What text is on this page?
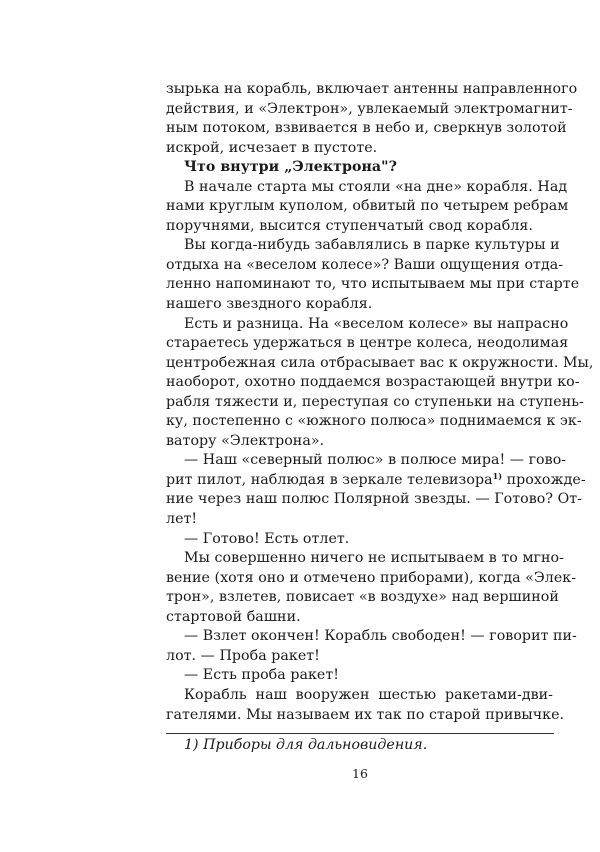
зырька на корабль, включает антенны направленного
действия, и «Электрон», увлекаемый электромагнит-
ным потоком, взвивается в небо и, сверкнув золотой
искрой, исчезает в пустоте.
Что внутри „Электрона"?
В начале старта мы стояли «на дне» корабля. Над
нами круглым куполом, обвитый по четырем ребрам
поручнями, высится ступенчатый свод корабля.
Вы когда-нибудь забавлялись в парке культуры и
отдыха на «веселом колесе»? Ваши ощущения отда-
ленно напоминают то, что испытываем мы при старте
нашего звездного корабля.
Есть и разница. На «веселом колесе» вы напрасно
стараетесь удержаться в центре колеса, неодолимая
центробежная сила отбрасывает вас к окружности. Мы,
наоборот, охотно поддаемся возрастающей внутри ко-
рабля тяжести и, переступая со ступеньки на ступень-
ку, постепенно с «южного полюса» поднимаемся к эк-
ватору «Электрона».
— Наш «северный полюс» в полюсе мира! — гово-
рит пилот, наблюдая в зеркале телевизора$^{1)}$ прохожде-
ние через наш полюс Полярной звезды. — Готово? От-
лет!
— Готово! Есть отлет.
Мы совершенно ничего не испытываем в то мгно-
вение (хотя оно и отмечено приборами), когда «Элек-
трон», взлетев, повисает «в воздухе» над вершиной
стартовой башни.
— Взлет окончен! Корабль свободен! — говорит пи-
лот. — Проба ракет!
— Есть проба ракет!
Корабль наш вооружен шестью ракетами-дви-
гателями. Мы называем их так по старой привычке.
1) Приборы для дальновидения.
16
